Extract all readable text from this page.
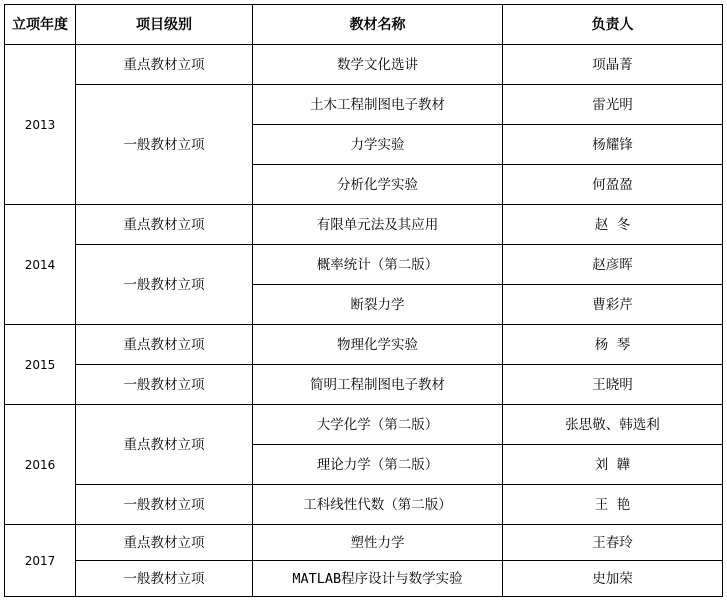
立项年度	项目级别	教材名称	负责人
2013	重点教材立项	数学文化选讲	项晶菁
	一般教材立项	土木工程制图电子教材	雷光明
		力学实验	杨耀锋
		分析化学实验	何盈盈
2014	重点教材立项	有限单元法及其应用	赵  冬
	一般教材立项	概率统计（第二版）	赵彦晖
		断裂力学	曹彩芹
2015	重点教材立项	物理化学实验	杨  琴
	一般教材立项	简明工程制图电子教材	王晓明
2016	重点教材立项	大学化学（第二版）	张思敬、韩选利
		理论力学（第二版）	刘  韡
	一般教材立项	工科线性代数（第二版）	王  艳
2017	重点教材立项	塑性力学	王春玲
	一般教材立项	MATLAB程序设计与数学实验	史加荣
